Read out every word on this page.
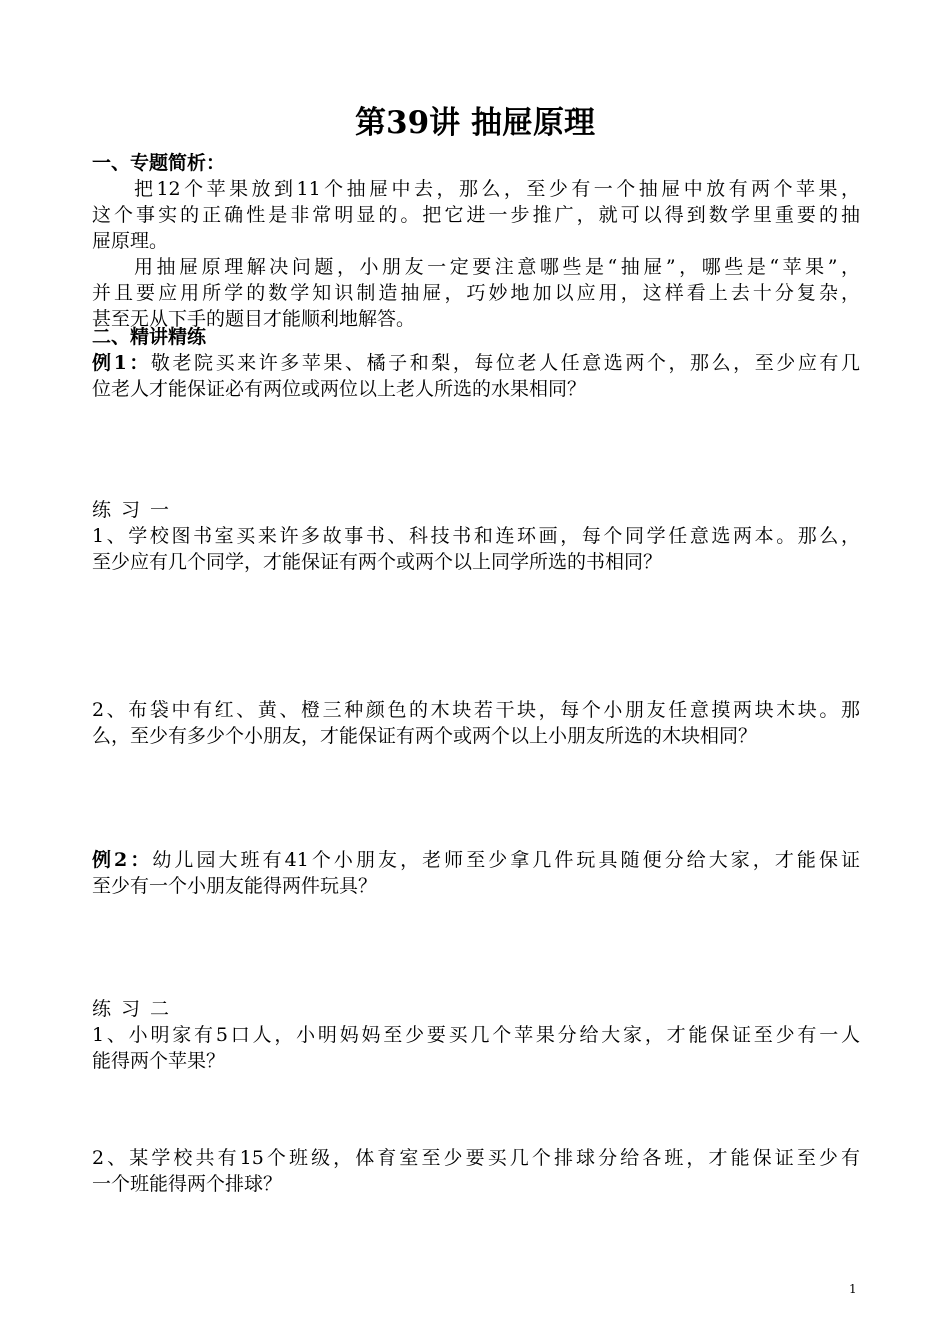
第39讲 抽屉原理
一、专题简析：
把12个苹果放到11个抽屉中去，那么，至少有一个抽屉中放有两个苹果，
这个事实的正确性是非常明显的。把它进一步推广，就可以得到数学里重要的抽
屉原理。
用抽屉原理解决问题，小朋友一定要注意哪些是“抽屉”，哪些是“苹果”，
并且要应用所学的数学知识制造抽屉，巧妙地加以应用，这样看上去十分复杂，
甚至无从下手的题目才能顺利地解答。
二、精讲精练
例1：敬老院买来许多苹果、橘子和梨，每位老人任意选两个，那么，至少应有几
位老人才能保证必有两位或两位以上老人所选的水果相同？
练习一
1、学校图书室买来许多故事书、科技书和连环画，每个同学任意选两本。那么，
至少应有几个同学，才能保证有两个或两个以上同学所选的书相同？
2、布袋中有红、黄、橙三种颜色的木块若干块，每个小朋友任意摸两块木块。那
么，至少有多少个小朋友，才能保证有两个或两个以上小朋友所选的木块相同？
例2：幼儿园大班有41个小朋友，老师至少拿几件玩具随便分给大家，才能保证
至少有一个小朋友能得两件玩具？
练习二
1、小明家有5口人，小明妈妈至少要买几个苹果分给大家，才能保证至少有一人
能得两个苹果？
2、某学校共有15个班级，体育室至少要买几个排球分给各班，才能保证至少有
一个班能得两个排球？
1
